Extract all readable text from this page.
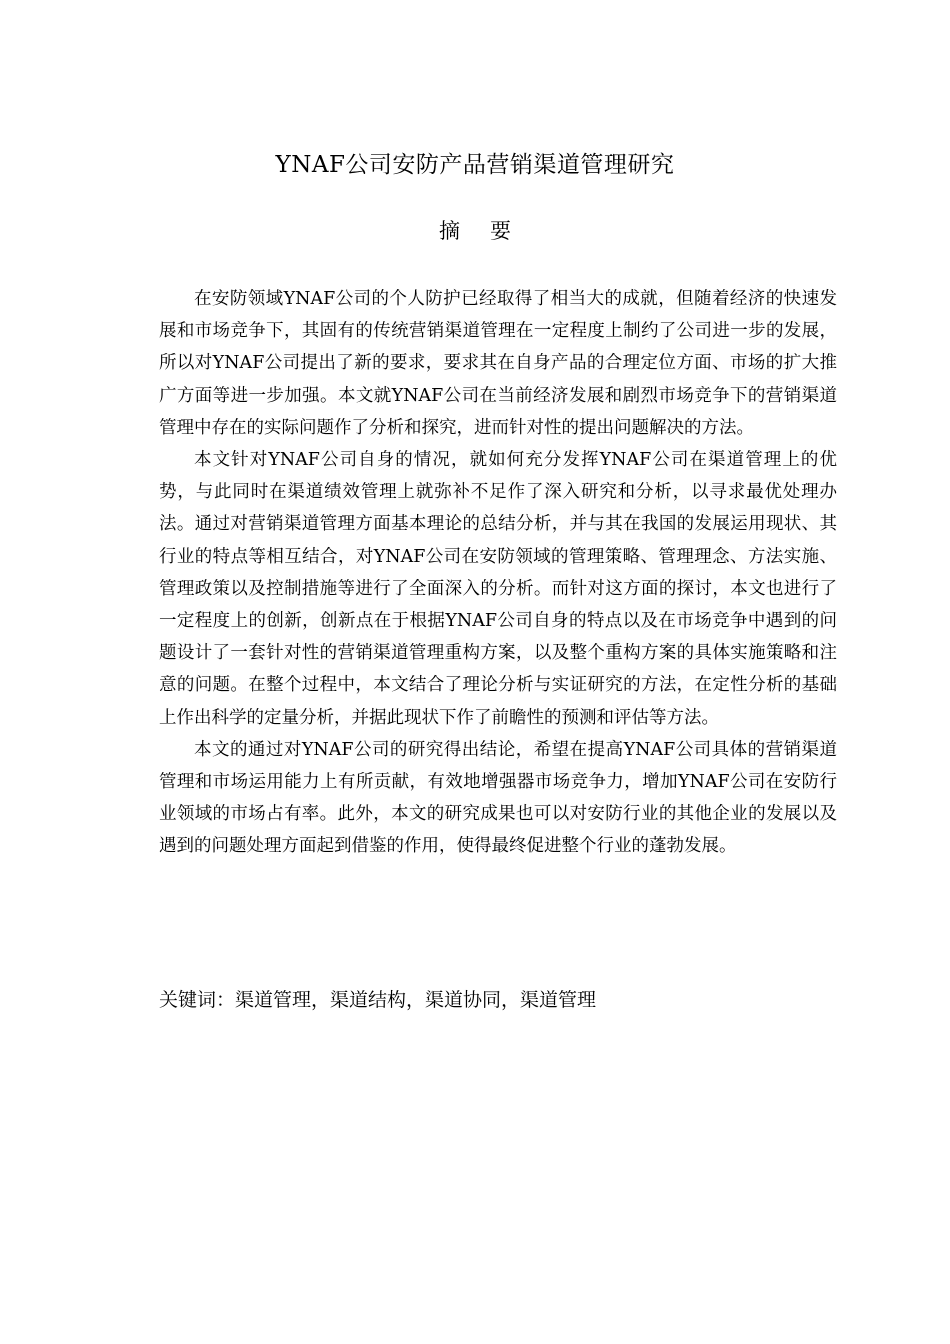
YNAF公司安防产品营销渠道管理研究
摘 要

在安防领域YNAF公司的个人防护已经取得了相当大的成就，但随着经济的快速发展和市场竞争下，其固有的传统营销渠道管理在一定程度上制约了公司进一步的发展，所以对YNAF公司提出了新的要求，要求其在自身产品的合理定位方面、市场的扩大推广方面等进一步加强。本文就YNAF公司在当前经济发展和剧烈市场竞争下的营销渠道管理中存在的实际问题作了分析和探究，进而针对性的提出问题解决的方法。

本文针对YNAF公司自身的情况，就如何充分发挥YNAF公司在渠道管理上的优势，与此同时在渠道绩效管理上就弥补不足作了深入研究和分析，以寻求最优处理办法。通过对营销渠道管理方面基本理论的总结分析，并与其在我国的发展运用现状、其行业的特点等相互结合，对YNAF公司在安防领域的管理策略、管理理念、方法实施、管理政策以及控制措施等进行了全面深入的分析。而针对这方面的探讨，本文也进行了一定程度上的创新，创新点在于根据YNAF公司自身的特点以及在市场竞争中遇到的问题设计了一套针对性的营销渠道管理重构方案，以及整个重构方案的具体实施策略和注意的问题。在整个过程中，本文结合了理论分析与实证研究的方法，在定性分析的基础上作出科学的定量分析，并据此现状下作了前瞻性的预测和评估等方法。

本文的通过对YNAF公司的研究得出结论，希望在提高YNAF公司具体的营销渠道管理和市场运用能力上有所贡献，有效地增强器市场竞争力，增加YNAF公司在安防行业领域的市场占有率。此外，本文的研究成果也可以对安防行业的其他企业的发展以及遇到的问题处理方面起到借鉴的作用，使得最终促进整个行业的蓬勃发展。

关键词：渠道管理，渠道结构，渠道协同，渠道管理
